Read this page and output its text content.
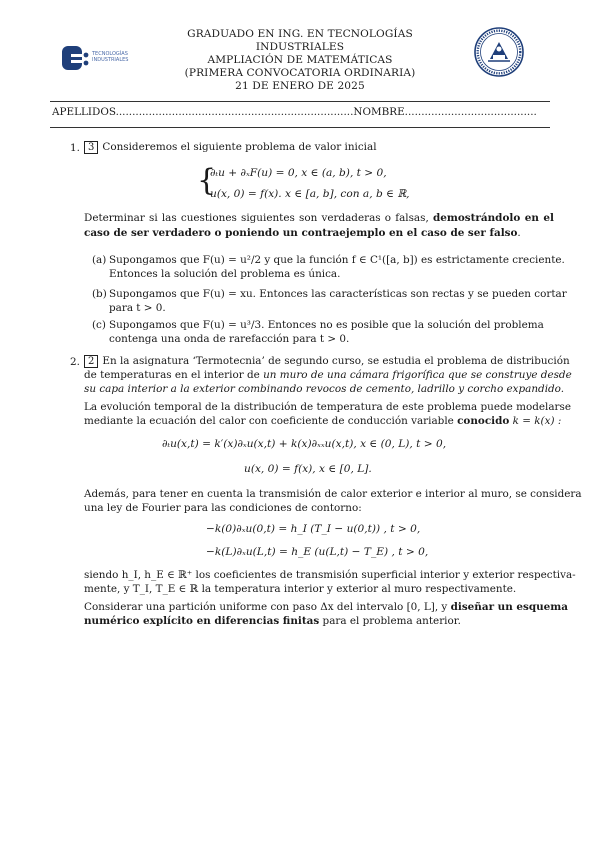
TECNOLOGÍAS
INDUSTRIALES
GRADUADO EN ING. EN TECNOLOGÍAS INDUSTRIALES
AMPLIACIÓN DE MATEMÁTICAS
(PRIMERA CONVOCATORIA ORDINARIA)
21 DE ENERO DE 2025
APELLIDOS........................................................................NOMBRE........................................
1. 3 Consideremos el siguiente problema de valor inicial
{
∂ₜu + ∂ₓF(u) = 0, x ∈ (a, b), t > 0,
u(x, 0) = f(x). x ∈ [a, b], con a, b ∈ ℝ,
Determinar si las cuestiones siguientes son verdaderas o falsas, demostrándolo en el caso de ser verdadero o poniendo un contraejemplo en el caso de ser falso.
(a) Supongamos que F(u) = u²/2 y que la función f ∈ C¹([a, b]) es estrictamente creciente.
Entonces la solución del problema es única.
(b) Supongamos que F(u) = xu. Entonces las características son rectas y se pueden cortar
para t > 0.
(c) Supongamos que F(u) = u³/3. Entonces no es posible que la solución del problema
contenga una onda de rarefacción para t > 0.
2. 2 En la asignatura ‘Termotecnia’ de segundo curso, se estudia el problema de distribución
de temperaturas en el interior de un muro de una cámara frigorífica que se construye desde
su capa interior a la exterior combinando revocos de cemento, ladrillo y corcho expandido.
La evolución temporal de la distribución de temperatura de este problema puede modelarse
mediante la ecuación del calor con coeficiente de conducción variable conocido k = k(x) :
∂ₜu(x,t) = k′(x)∂ₓu(x,t) + k(x)∂ₓₓu(x,t), x ∈ (0, L), t > 0,
u(x, 0) = f(x), x ∈ [0, L].
Además, para tener en cuenta la transmisión de calor exterior e interior al muro, se considera
una ley de Fourier para las condiciones de contorno:
−k(0)∂ₓu(0,t) = h_I (T_I − u(0,t)) , t > 0,
−k(L)∂ₓu(L,t) = h_E (u(L,t) − T_E) , t > 0,
siendo h_I, h_E ∈ ℝ⁺ los coeficientes de transmisión superficial interior y exterior respectiva-
mente, y T_I, T_E ∈ ℝ la temperatura interior y exterior al muro respectivamente.
Considerar una partición uniforme con paso Δx del intervalo [0, L], y diseñar un esquema
numérico explícito en diferencias finitas para el problema anterior.
